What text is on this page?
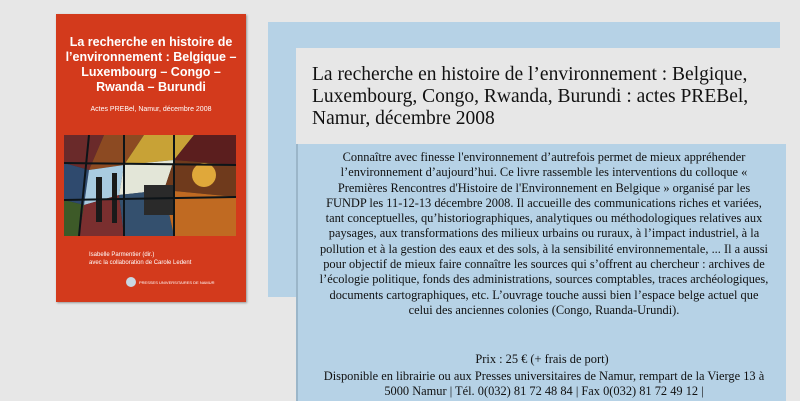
La recherche en histoire de l’environnement : Belgique – Luxembourg – Congo – Rwanda – Burundi
Actes PREBel, Namur, décembre 2008
Isabelle Parmentier (dir.)
avec la collaboration de Carole Ledent
PRESSES UNIVERSITAIRES DE NAMUR
La recherche en histoire de l’environnement : Belgique, Luxembourg, Congo, Rwanda, Burundi : actes PREBel, Namur, décembre 2008

Connaître avec finesse l'environnement d’autrefois permet de mieux appréhender l’environnement d’aujourd’hui. Ce livre rassemble les interventions du colloque « Premières Rencontres d'Histoire de l'Environnement en Belgique » organisé par les FUNDP les 11-12-13 décembre 2008. Il accueille des communications riches et variées, tant conceptuelles, qu’historiographiques, analytiques ou méthodologiques relatives aux paysages, aux transformations des milieux urbains ou ruraux, à l’impact industriel, à la pollution et à la gestion des eaux et des sols, à la sensibilité environnementale, ... Il a aussi pour objectif de mieux faire connaître les sources qui s’offrent au chercheur : archives de l’écologie politique, fonds des administrations, sources comptables, traces archéologiques, documents cartographiques, etc. L’ouvrage touche aussi bien l’espace belge actuel que celui des anciennes colonies (Congo, Ruanda-Urundi).

Prix : 25 € (+ frais de port)

Disponible en librairie ou aux Presses universitaires de Namur, rempart de la Vierge 13 à 5000 Namur | Tél. 0(032) 81 72 48 84 | Fax 0(032) 81 72 49 12 |
